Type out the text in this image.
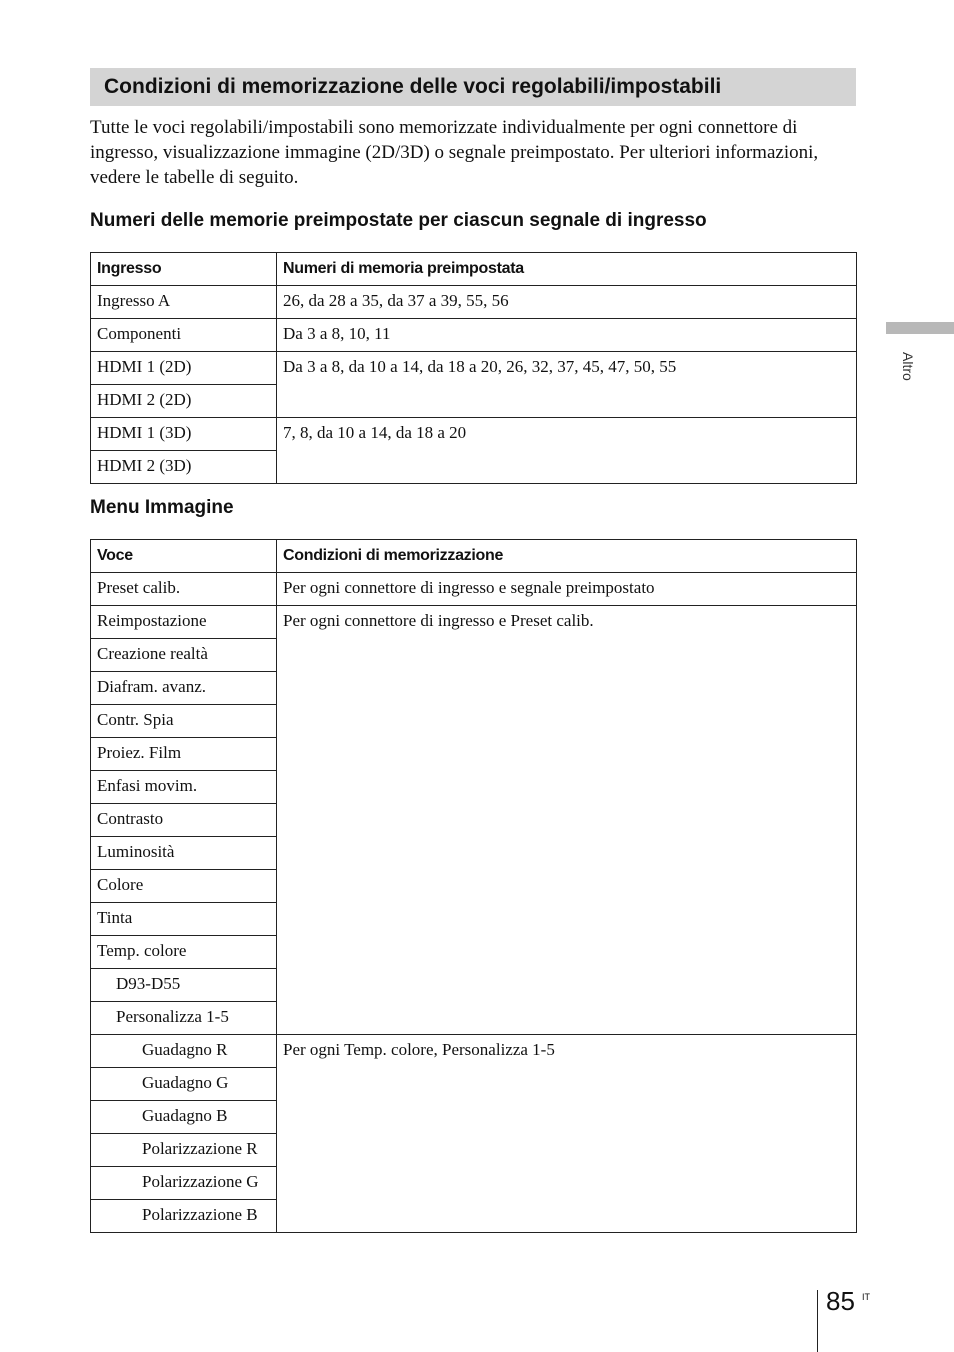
Condizioni di memorizzazione delle voci regolabili/impostabili

Tutte le voci regolabili/impostabili sono memorizzate individualmente per ogni connettore di ingresso, visualizzazione immagine (2D/3D) o segnale preimpostato. Per ulteriori informazioni, vedere le tabelle di seguito.

Numeri delle memorie preimpostate per ciascun segnale di ingresso
Ingresso	Numeri di memoria preimpostata
Ingresso A	26, da 28 a 35, da 37 a 39, 55, 56
Componenti	Da 3 a 8, 10, 11
HDMI 1 (2D)	Da 3 a 8, da 10 a 14, da 18 a 20, 26, 32, 37, 45, 47, 50, 55
HDMI 2 (2D)	
HDMI 1 (3D)	7, 8, da 10 a 14, da 18 a 20
HDMI 2 (3D)	
Menu Immagine
Voce	Condizioni di memorizzazione
Preset calib.	Per ogni connettore di ingresso e segnale preimpostato
Reimpostazione	Per ogni connettore di ingresso e Preset calib.
Creazione realtà	
Diafram. avanz.	
Contr. Spia	
Proiez. Film	
Enfasi movim.	
Contrasto	
Luminosità	
Colore	
Tinta	
Temp. colore	
D93-D55	
Personalizza 1-5	
Guadagno R	Per ogni Temp. colore, Personalizza 1-5
Guadagno G	
Guadagno B	
Polarizzazione R	
Polarizzazione G	
Polarizzazione B	
Altro
85 IT
